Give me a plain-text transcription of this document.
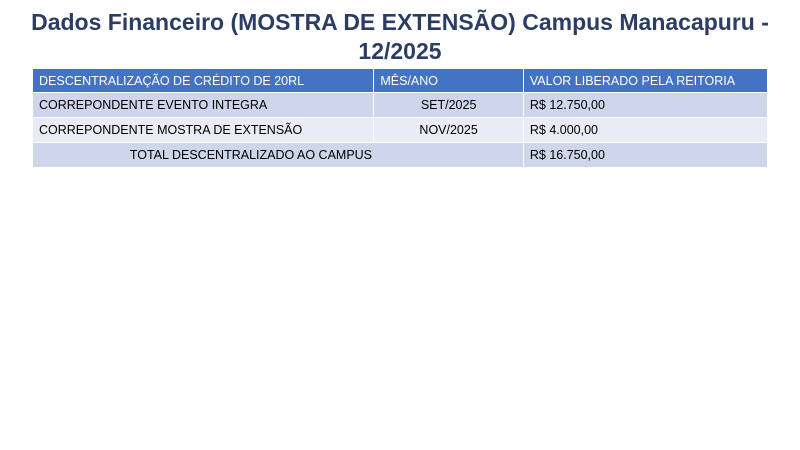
Dados Financeiro (MOSTRA DE EXTENSÃO) Campus Manacapuru -
12/2025
DESCENTRALIZAÇÃO DE CRÉDITO DE 20RL	MÊS/ANO	VALOR LIBERADO PELA REITORIA
CORREPONDENTE EVENTO INTEGRA	SET/2025	R$ 12.750,00
CORREPONDENTE MOSTRA DE EXTENSÃO	NOV/2025	R$ 4.000,00
TOTAL DESCENTRALIZADO AO CAMPUS		R$ 16.750,00
